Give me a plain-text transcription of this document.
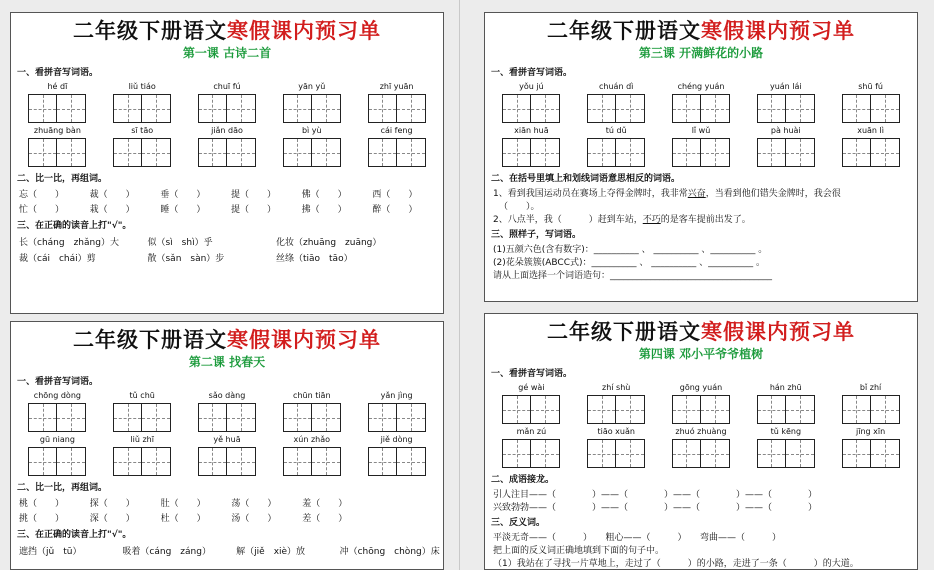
二年级下册语文寒假课内预习单
第一课 古诗二首
一、看拼音写词语。
hé dī	liǔ tiáo	chuī fú	yān yǔ	zhī yuān
zhuāng bàn	sī tāo	jiǎn dāo	bì yù	cái feng
二、比一比，再组词。
忘（　　）	裁（　　）	垂（　　）	提（　　）	佛（　　）	西（　　）
忙（　　）	栽（　　）	睡（　　）	提（　　）	拂（　　）	醉（　　）
三、在正确的读音上打"√"。
长（cháng　zhǎng）大	似（sì　shì）乎	化妆（zhuāng　zuāng）
裁（cái　chái）剪	散（sǎn　sàn）步	丝绦（tiāo　tāo）
二年级下册语文寒假课内预习单
第二课 找春天
一、看拼音写词语。
chōng dòng	tǔ chū	sǎo dàng	chūn tiān	yǎn jìng
gū niang	liǔ zhī	yě huā	xún zhǎo	jiě dòng
二、比一比，再组词。
桃（　　）	探（　　）	肚（　　）	荡（　　）	羞（　　）
挑（　　）	深（　　）	杜（　　）	汤（　　）	差（　　）
三、在正确的读音上打"√"。
遮挡（jǔ　tū）	吸着（cáng　záng）	解（jiě　xiè）放	冲（chōng　chòng）床
二年级下册语文寒假课内预习单
第三课 开满鲜花的小路
一、看拼音写词语。
yǒu jú	chuán dì	chéng yuán	yuán lái	shū fú
xiān huā	tú dǔ	lǐ wǔ	pà huài	xuān lì
二、在括号里填上和划线词语意思相反的词语。
1、看到我国运动员在赛场上夺得金牌时，我非常兴奋，当看到他们错失金牌时，我会很
（　　）。
2、八点半，我（　　　）赶到车站，不巧的是客车提前出发了。
三、照样子，写词语。
(1)五颜六色(含有数字)：__________ 、 __________ 、__________ 。
(2)花朵簇簇(ABCC式)：__________ 、 __________ 、__________ 。
请从上面选择一个词语造句：____________________________________
二年级下册语文寒假课内预习单
第四课 邓小平爷爷植树
一、看拼音写词语。
gé wài	zhí shù	gōng yuán	hán zhū	bǐ zhí
mǎn zú	tiāo xuǎn	zhuó zhuàng	tǔ kēng	jīng xīn
二、成语接龙。
引人注目——（　　　　）——（　　　　）——（　　　　）——（　　　　）
兴致勃勃——（　　　　）——（　　　　）——（　　　　）——（　　　　）
三、反义词。
平淡无奇——（　　　）　　粗心——（　　　）　　弯曲——（　　　）
把上面的反义词正确地填到下面的句子中。
（1）我站在了寻找一片草地上，走过了（　　　）的小路，走进了一条（　　　）的大道。
